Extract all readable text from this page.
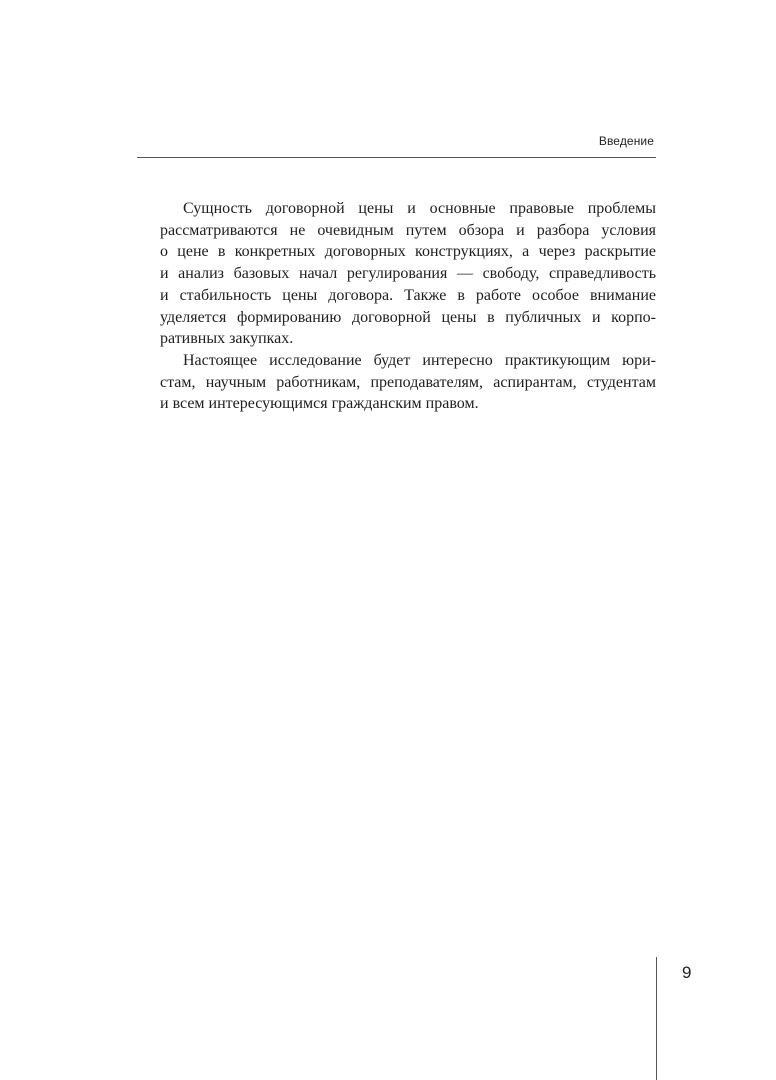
Введение
Сущность договорной цены и основные правовые проблемы
рассматриваются не очевидным путем обзора и разбора условия
о цене в конкретных договорных конструкциях, а через раскрытие
и анализ базовых начал регулирования — свободу, справедливость
и стабильность цены договора. Также в работе особое внимание
уделяется формированию договорной цены в публичных и корпо-
ративных закупках.
Настоящее исследование будет интересно практикующим юри-
стам, научным работникам, преподавателям, аспирантам, студентам
и всем интересующимся гражданским правом.
9
